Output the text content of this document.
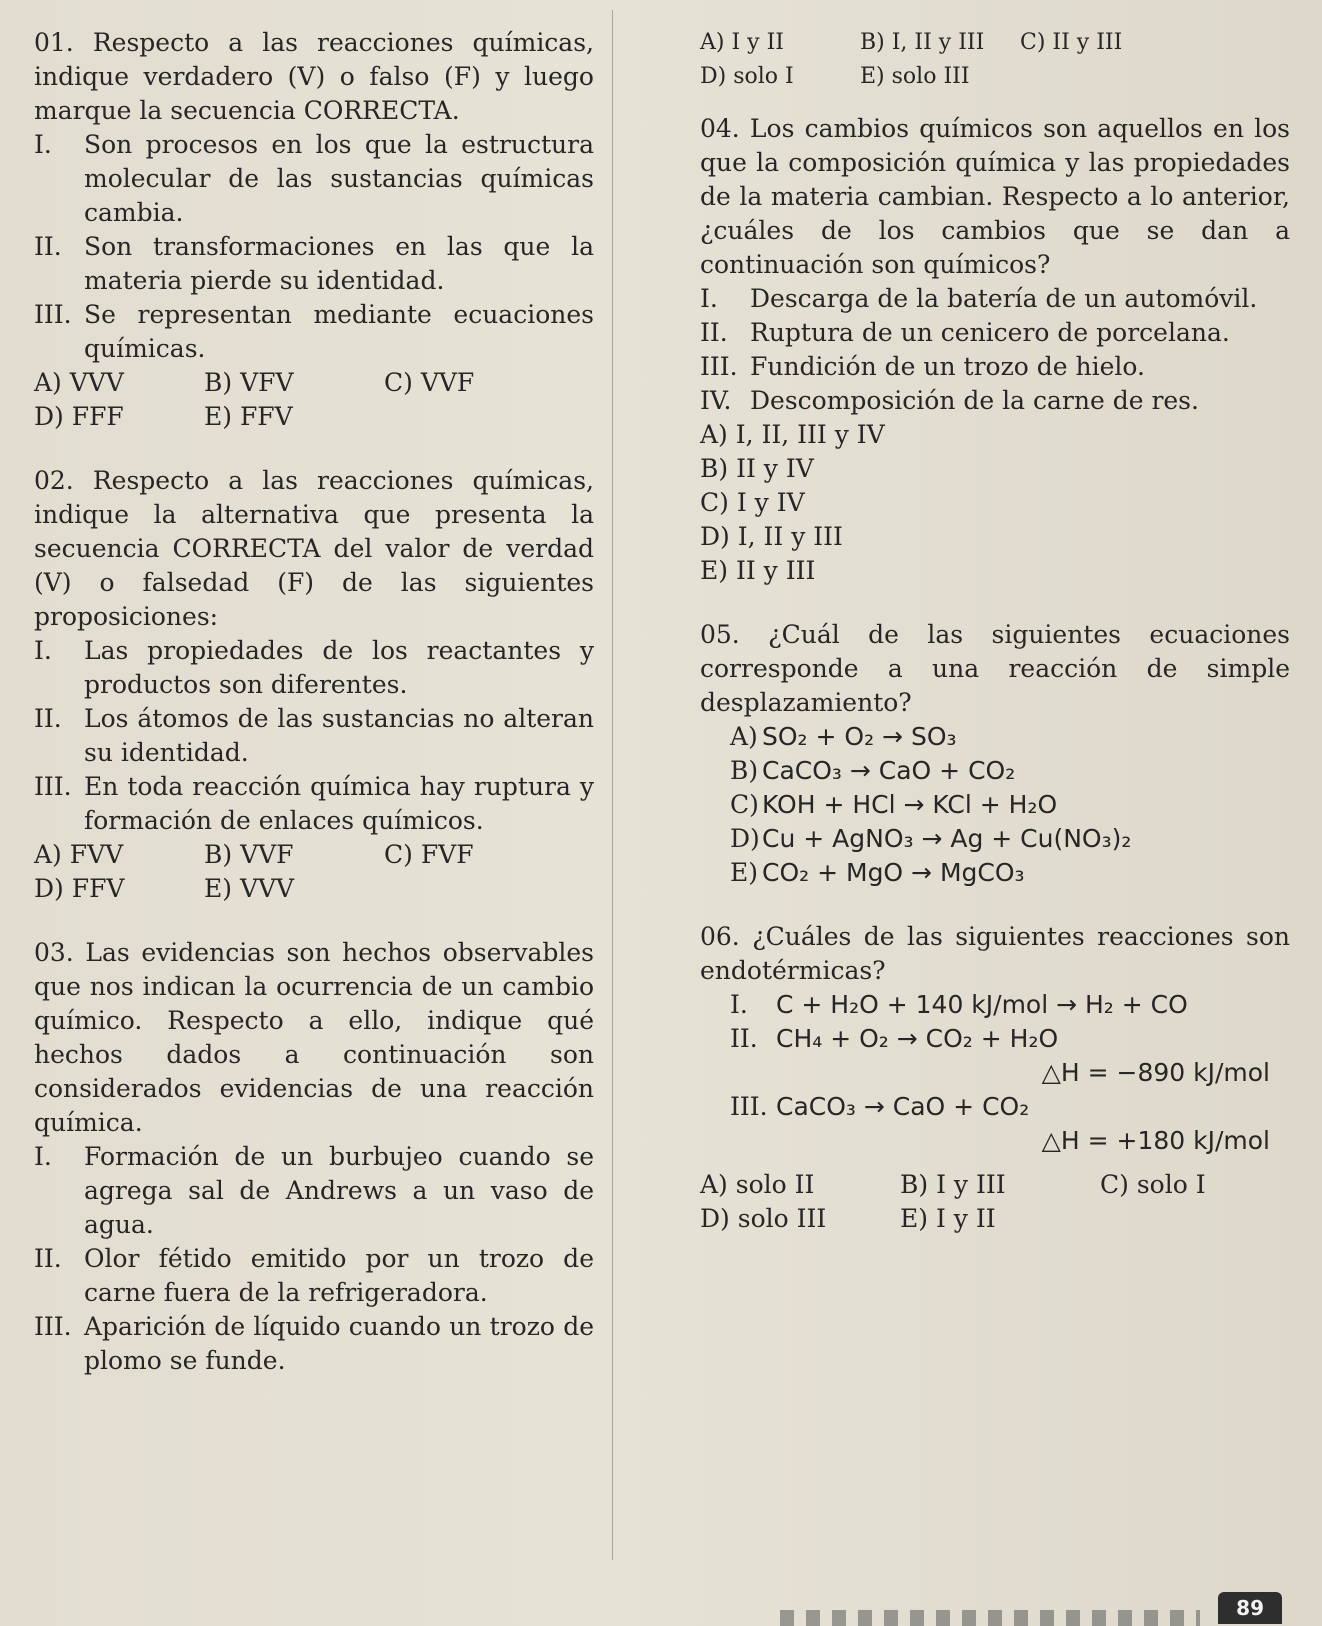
01. Respecto a las reacciones químicas, indique verdadero (V) o falso (F) y luego marque la secuencia CORRECTA.

I. Son procesos en los que la estructura molecular de las sustancias químicas cambia.
II. Son transformaciones en las que la materia pierde su identidad.
III. Se representan mediante ecuaciones químicas.
A) VVV	B) VFV	C) VVF
D) FFF	E) FFV

02. Respecto a las reacciones químicas, indique la alternativa que presenta la secuencia CORRECTA del valor de verdad (V) o falsedad (F) de las siguientes proposiciones:

I. Las propiedades de los reactantes y productos son diferentes.
II. Los átomos de las sustancias no alteran su identidad.
III. En toda reacción química hay ruptura y formación de enlaces químicos.
A) FVV	B) VVF	C) FVF
D) FFV	E) VVV

03. Las evidencias son hechos observables que nos indican la ocurrencia de un cambio químico. Respecto a ello, indique qué hechos dados a continuación son considerados evidencias de una reacción química.

I. Formación de un burbujeo cuando se agrega sal de Andrews a un vaso de agua.
II. Olor fétido emitido por un trozo de carne fuera de la refrigeradora.
III. Aparición de líquido cuando un trozo de plomo se funde.
A) I y II	B) I, II y III	C) II y III
D) solo I	E) solo III

04. Los cambios químicos son aquellos en los que la composición química y las propiedades de la materia cambian. Respecto a lo anterior, ¿cuáles de los cambios que se dan a continuación son químicos?

I. Descarga de la batería de un automóvil.
II. Ruptura de un cenicero de porcelana.
III. Fundición de un trozo de hielo.
IV. Descomposición de la carne de res.
A) I, II, III y IV
B) II y IV
C) I y IV
D) I, II y III
E) II y III

05. ¿Cuál de las siguientes ecuaciones corresponde a una reacción de simple desplazamiento?

A) SO₂ + O₂ → SO₃
B) CaCO₃ → CaO + CO₂
C) KOH + HCl → KCl + H₂O
D)Cu + AgNO₃ → Ag + Cu(NO₃)₂
E) CO₂ + MgO → MgCO₃

06. ¿Cuáles de las siguientes reacciones son endotérmicas?

I. C + H₂O + 140 kJ/mol → H₂ + CO
II. CH₄ + O₂ → CO₂ + H₂O
△H = −890 kJ/mol
III. CaCO₃ → CaO + CO₂
△H = +180 kJ/mol
A) solo II	B) I y III	C) solo I
D) solo III	E) I y II
89
